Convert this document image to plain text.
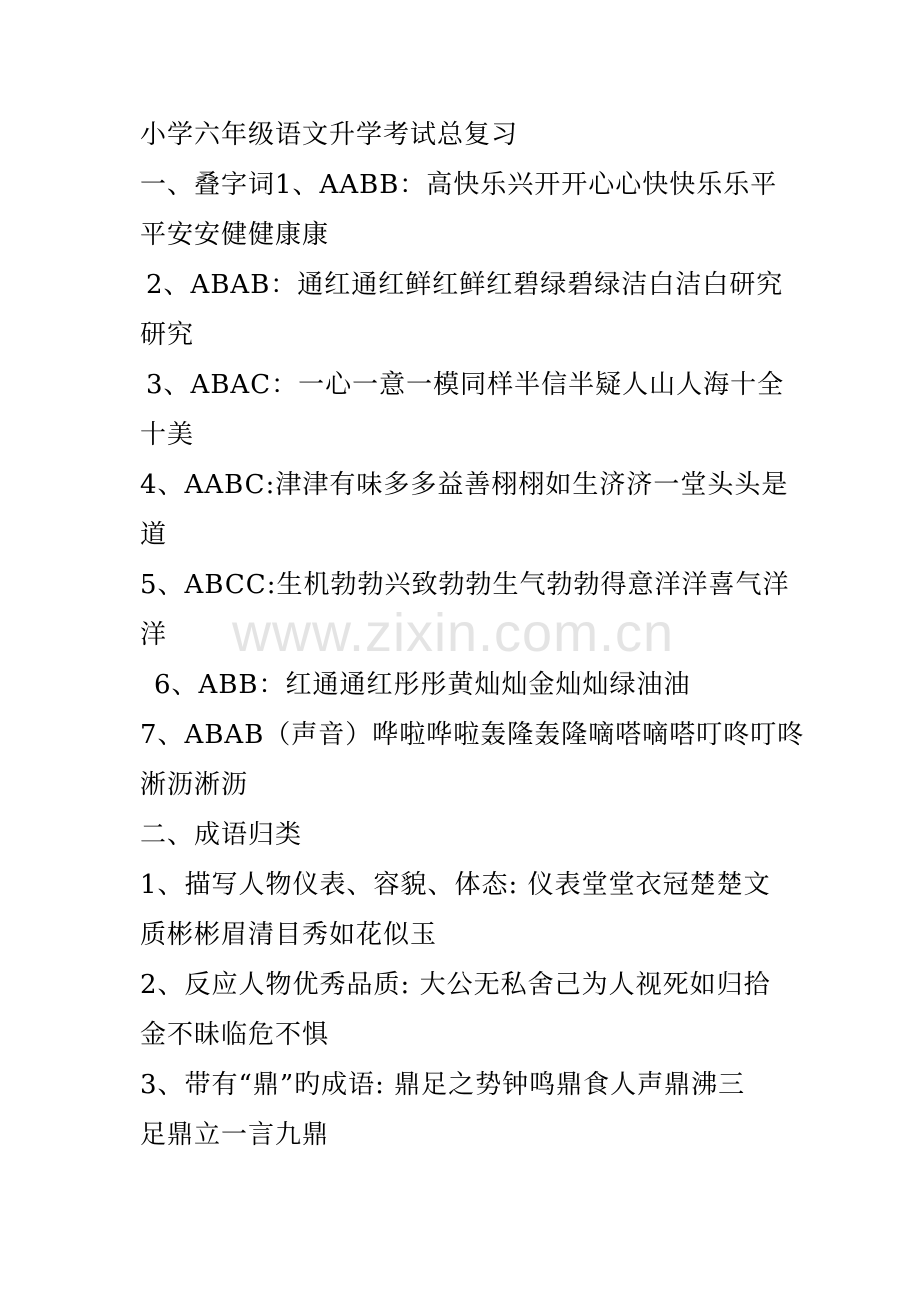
www.zixin.com.cn
小学六年级语文升学考试总复习
一、叠字词1、AABB：高快乐兴开开心心快快乐乐平
平安安健健康康
2、ABAB：通红通红鲜红鲜红碧绿碧绿洁白洁白研究
研究
3、ABAC：一心一意一模同样半信半疑人山人海十全
十美
4、AABC:津津有味多多益善栩栩如生济济一堂头头是
道
5、ABCC:生机勃勃兴致勃勃生气勃勃得意洋洋喜气洋
洋
6、ABB：红通通红彤彤黄灿灿金灿灿绿油油
7、ABAB（声音）哗啦哗啦轰隆轰隆嘀嗒嘀嗒叮咚叮咚
淅沥淅沥
二、成语归类
1、描写人物仪表、容貌、体态: 仪表堂堂衣冠楚楚文
质彬彬眉清目秀如花似玉
2、反应人物优秀品质: 大公无私舍己为人视死如归拾
金不昧临危不惧
3、带有“鼎”旳成语: 鼎足之势钟鸣鼎食人声鼎沸三
足鼎立一言九鼎
